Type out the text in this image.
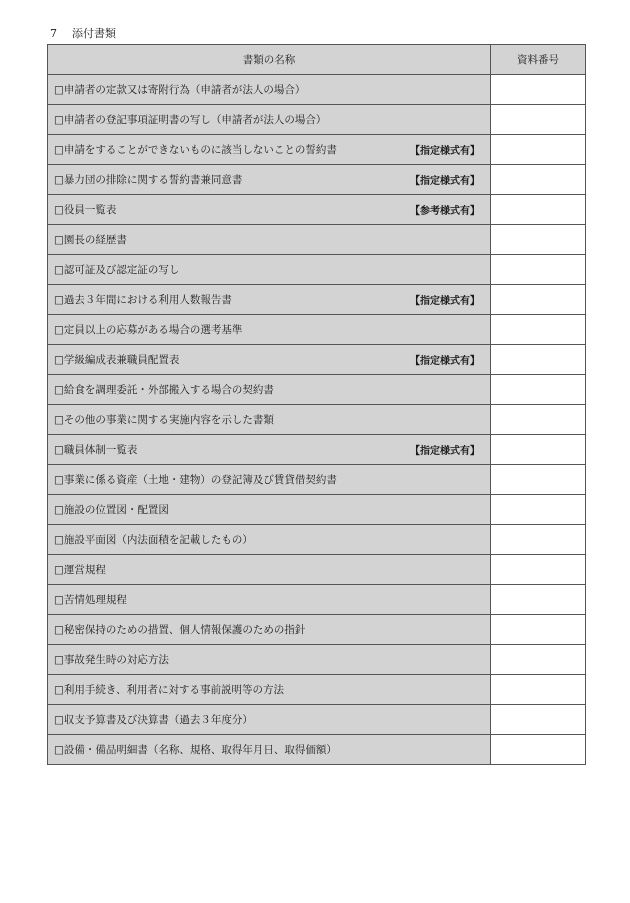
7 添付書類
書類の名称	資料番号

□申請者の定款又は寄附行為（申請者が法人の場合）	

□申請者の登記事項証明書の写し（申請者が法人の場合）	

□申請をすることができないものに該当しないことの誓約書 【指定様式有】	

□暴力団の排除に関する誓約書兼同意書 【指定様式有】	

□役員一覧表 【参考様式有】	

□園長の経歴書	

□認可証及び認定証の写し	

□過去３年間における利用人数報告書 【指定様式有】	

□定員以上の応募がある場合の選考基準	

□学級編成表兼職員配置表 【指定様式有】	

□給食を調理委託・外部搬入する場合の契約書	

□その他の事業に関する実施内容を示した書類	

□職員体制一覧表 【指定様式有】	

□事業に係る資産（土地・建物）の登記簿及び賃貸借契約書	

□施設の位置図・配置図	

□施設平面図（内法面積を記載したもの）	

□運営規程	

□苦情処理規程	

□秘密保持のための措置、個人情報保護のための指針	

□事故発生時の対応方法	

□利用手続き、利用者に対する事前説明等の方法	

□収支予算書及び決算書（過去３年度分）	

□設備・備品明細書（名称、規格、取得年月日、取得価額）	
